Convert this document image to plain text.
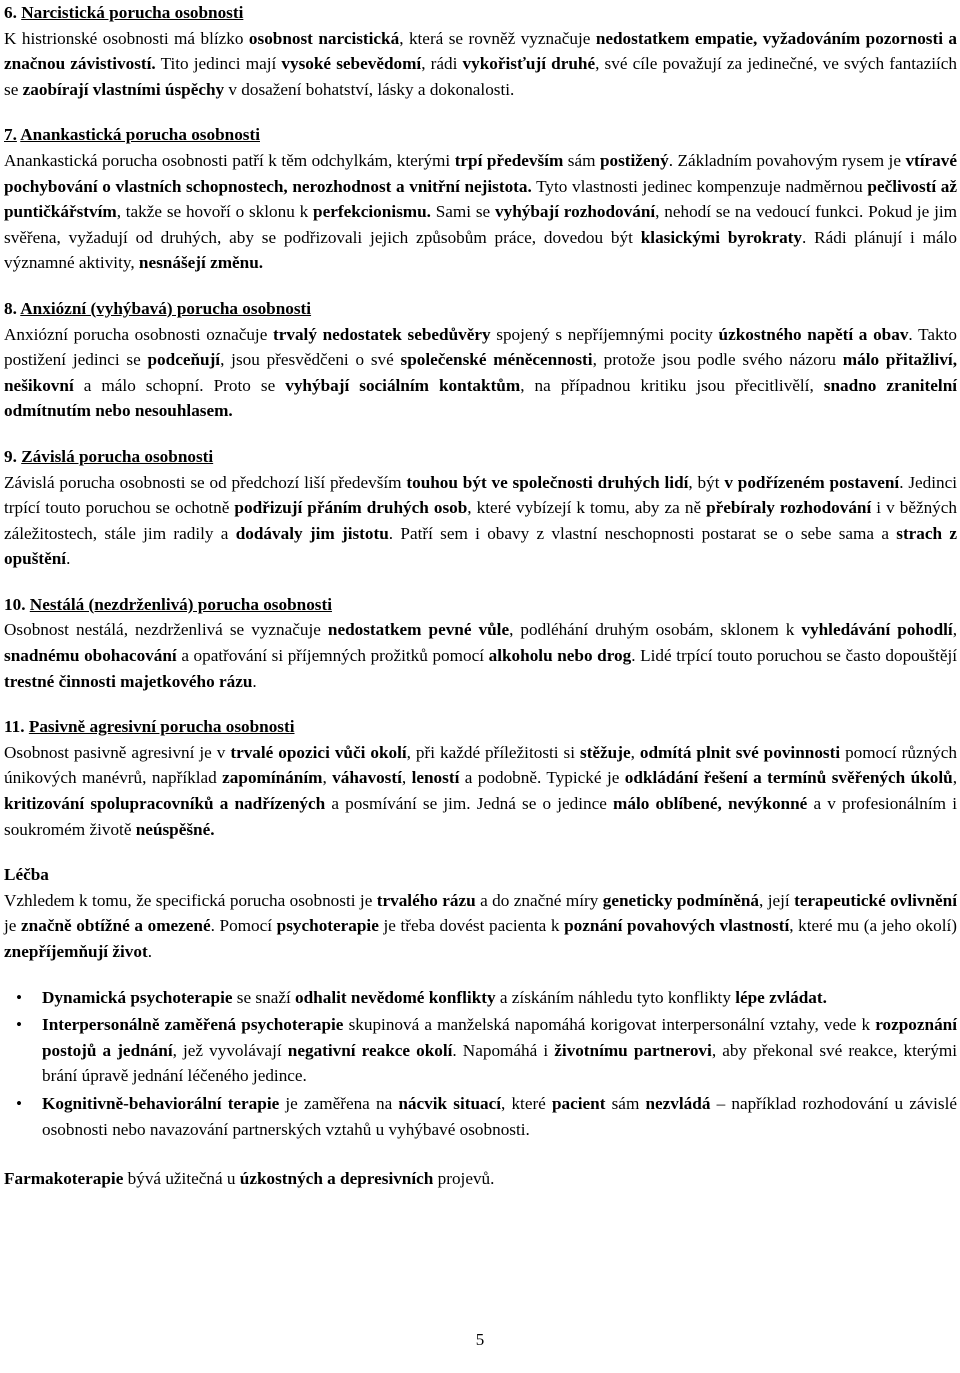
6. Narcistická porucha osobnosti

K histrionské osobnosti má blízko osobnost narcistická, která se rovněž vyznačuje nedostatkem empatie, vyžadováním pozornosti a značnou závistivostí. Tito jedinci mají vysoké sebevědomí, rádi vykořisťují druhé, své cíle považují za jedinečné, ve svých fantaziích se zaobírají vlastními úspěchy v dosažení bohatství, lásky a dokonalosti.

7. Anankastická porucha osobnosti

Anankastická porucha osobnosti patří k těm odchylkám, kterými trpí především sám postižený. Základním povahovým rysem je vtíravé pochybování o vlastních schopnostech, nerozhodnost a vnitřní nejistota. Tyto vlastnosti jedinec kompenzuje nadměrnou pečlivostí až puntičkářstvím, takže se hovoří o sklonu k perfekcionismu. Sami se vyhýbají rozhodování, nehodí se na vedoucí funkci. Pokud je jim svěřena, vyžadují od druhých, aby se podřizovali jejich způsobům práce, dovedou být klasickými byrokraty. Rádi plánují i málo významné aktivity, nesnášejí změnu.

8. Anxiózní (vyhýbavá) porucha osobnosti

Anxiózní porucha osobnosti označuje trvalý nedostatek sebedůvěry spojený s nepříjemnými pocity úzkostného napětí a obav. Takto postižení jedinci se podceňují, jsou přesvědčeni o své společenské méněcennosti, protože jsou podle svého názoru málo přitažliví, nešikovní a málo schopní. Proto se vyhýbají sociálním kontaktům, na případnou kritiku jsou přecitlivělí, snadno zranitelní odmítnutím nebo nesouhlasem.

9. Závislá porucha osobnosti

Závislá porucha osobnosti se od předchozí liší především touhou být ve společnosti druhých lidí, být v podřízeném postavení. Jedinci trpící touto poruchou se ochotně podřizují přáním druhých osob, které vybízejí k tomu, aby za ně přebíraly rozhodování i v běžných záležitostech, stále jim radily a dodávaly jim jistotu. Patří sem i obavy z vlastní neschopnosti postarat se o sebe sama a strach z opuštění.

10. Nestálá (nezdrženlivá) porucha osobnosti

Osobnost nestálá, nezdrženlivá se vyznačuje nedostatkem pevné vůle, podléhání druhým osobám, sklonem k vyhledávání pohodlí, snadnému obohacování a opatřování si příjemných prožitků pomocí alkoholu nebo drog. Lidé trpící touto poruchou se často dopouštějí trestné činnosti majetkového rázu.

11. Pasivně agresivní porucha osobnosti

Osobnost pasivně agresivní je v trvalé opozici vůči okolí, při každé příležitosti si stěžuje, odmítá plnit své povinnosti pomocí různých únikových manévrů, například zapomínáním, váhavostí, leností a podobně. Typické je odkládání řešení a termínů svěřených úkolů, kritizování spolupracovníků a nadřízených a posmívání se jim. Jedná se o jedince málo oblíbené, nevýkonné a v profesionálním i soukromém životě neúspěšné.

Léčba

Vzhledem k tomu, že specifická porucha osobnosti je trvalého rázu a do značné míry geneticky podmíněná, její terapeutické ovlivnění je značně obtížné a omezené. Pomocí psychoterapie je třeba dovést pacienta k poznání povahových vlastností, které mu (a jeho okolí) znepříjemňují život.

• Dynamická psychoterapie se snaží odhalit nevědomé konflikty a získáním náhledu tyto konflikty lépe zvládat.
• Interpersonálně zaměřená psychoterapie skupinová a manželská napomáhá korigovat interpersonální vztahy, vede k rozpoznání postojů a jednání, jež vyvolávají negativní reakce okolí. Napomáhá i životnímu partnerovi, aby překonal své reakce, kterými brání úpravě jednání léčeného jedince.
• Kognitivně-behaviorální terapie je zaměřena na nácvik situací, které pacient sám nezvládá – například rozhodování u závislé osobnosti nebo navazování partnerských vztahů u vyhýbavé osobnosti.

Farmakoterapie bývá užitečná u úzkostných a depresivních projevů.

5
